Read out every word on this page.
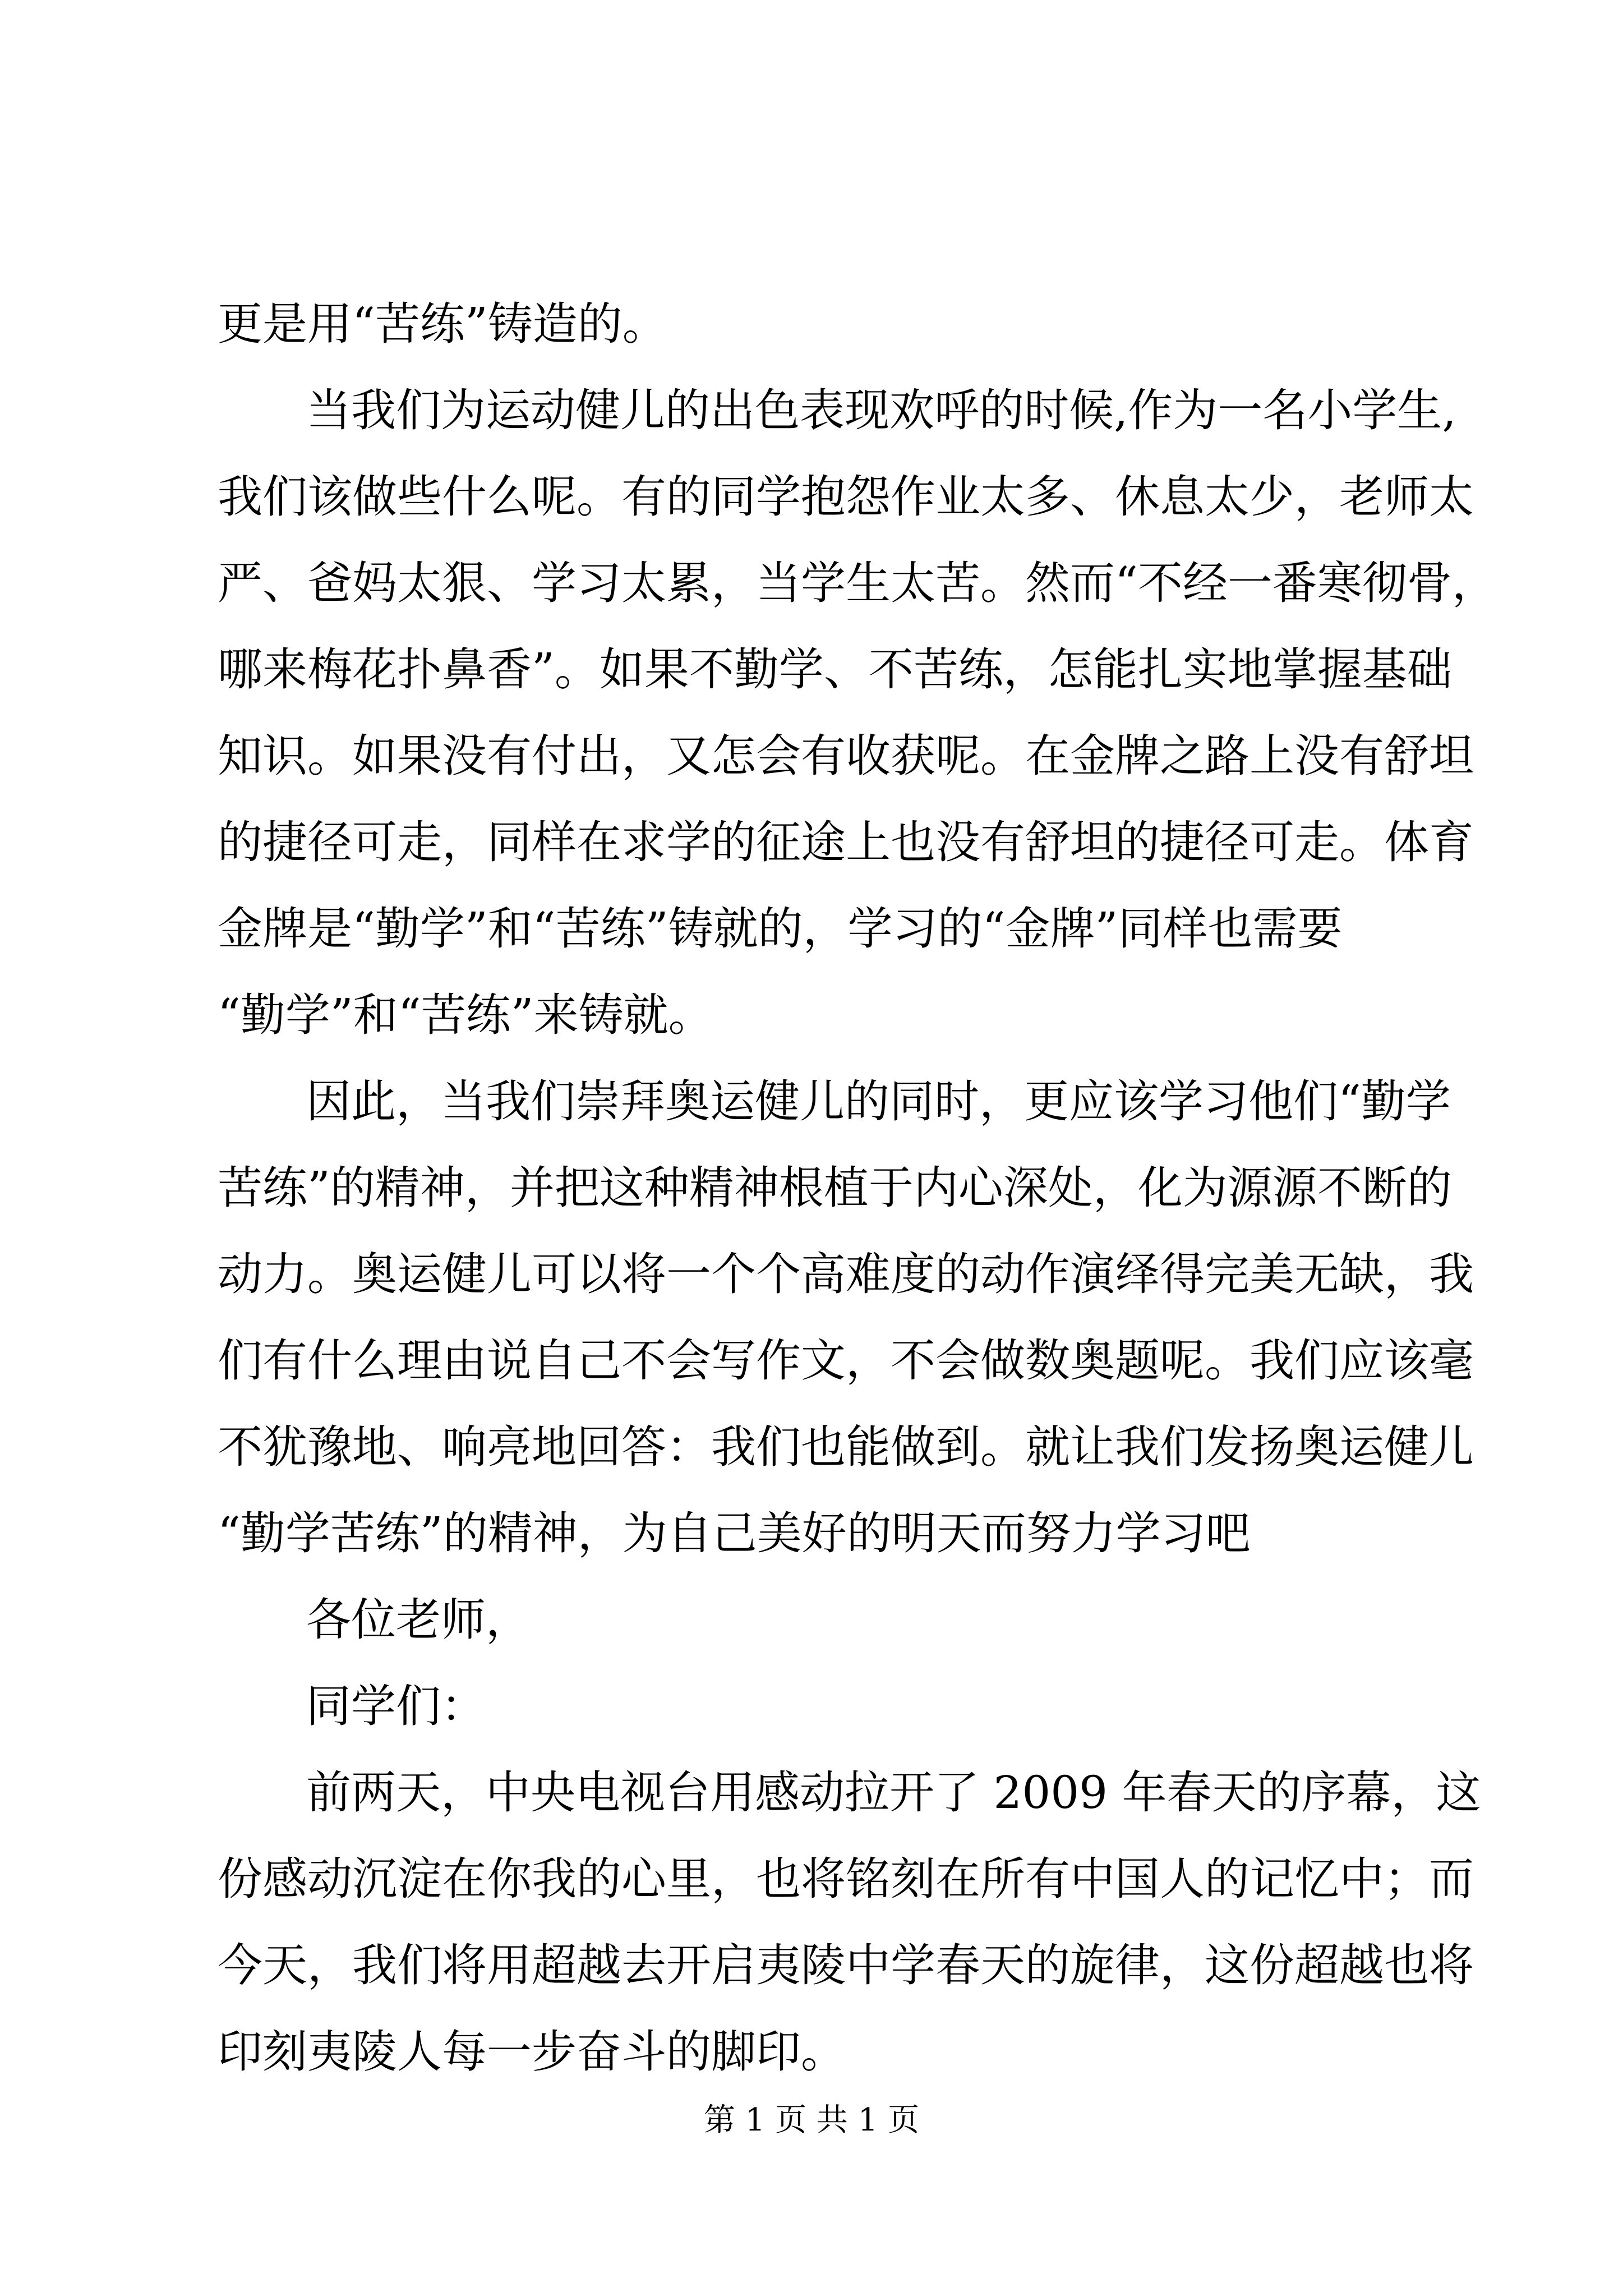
更是用“苦练”铸造的。
当我们为运动健儿的出色表现欢呼的时候,作为一名小学生,
我们该做些什么呢。有的同学抱怨作业太多、休息太少，老师太
严、爸妈太狠、学习太累，当学生太苦。然而“不经一番寒彻骨，
哪来梅花扑鼻香”。如果不勤学、不苦练，怎能扎实地掌握基础
知识。如果没有付出，又怎会有收获呢。在金牌之路上没有舒坦
的捷径可走，同样在求学的征途上也没有舒坦的捷径可走。体育
金牌是“勤学”和“苦练”铸就的，学习的“金牌”同样也需要
“勤学”和“苦练”来铸就。
因此，当我们崇拜奥运健儿的同时，更应该学习他们“勤学
苦练”的精神，并把这种精神根植于内心深处，化为源源不断的
动力。奥运健儿可以将一个个高难度的动作演绎得完美无缺，我
们有什么理由说自己不会写作文，不会做数奥题呢。我们应该毫
不犹豫地、响亮地回答：我们也能做到。就让我们发扬奥运健儿
“勤学苦练”的精神，为自己美好的明天而努力学习吧
各位老师，
同学们：
前两天，中央电视台用感动拉开了 2009 年春天的序幕，这
份感动沉淀在你我的心里，也将铭刻在所有中国人的记忆中；而
今天，我们将用超越去开启夷陵中学春天的旋律，这份超越也将
印刻夷陵人每一步奋斗的脚印。
第 1 页 共 1 页
